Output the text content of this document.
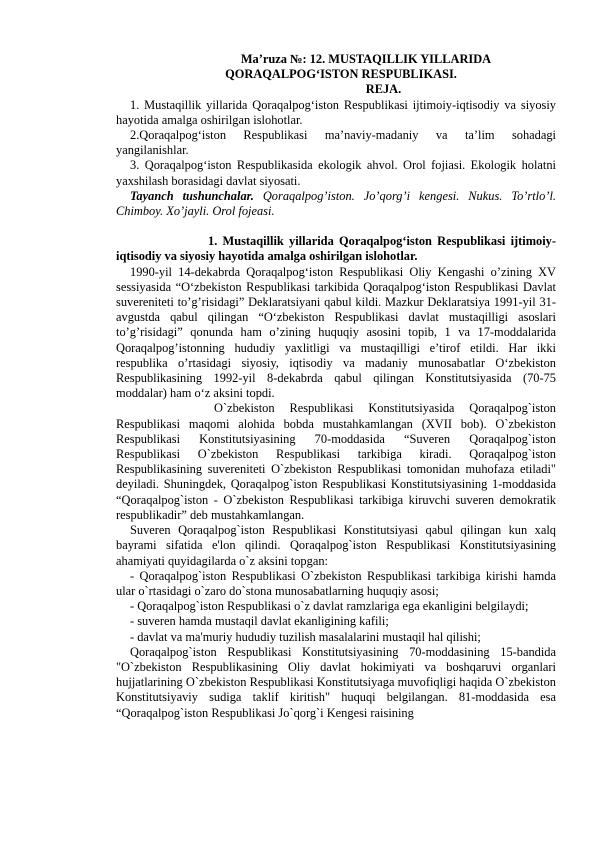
Ma’ruza №: 12. MUSTAQILLIK YILLARIDA
QORAQALPOG‘ISTON RESPUBLIKASI.

REJA.

1. Mustaqillik yillarida Qoraqalpog‘iston Respublikasi ijtimoiy-iqtisodiy va siyosiy hayotida amalga oshirilgan islohotlar.

2.Qoraqalpog‘iston Respublikasi ma’naviy-madaniy va ta’lim sohadagi yangilanishlar.

3. Qoraqalpog‘iston Respublikasida ekologik ahvol. Orol fojiasi. Ekologik holatni yaxshilash borasidagi davlat siyosati.

Tayanch tushunchalar. Qoraqalpog’iston. Jo’qorg’i kengesi. Nukus. To’rtlo’l. Chimboy. Xo’jayli. Orol fojeasi.

1. Mustaqillik yillarida Qoraqalpog‘iston Respublikasi ijtimoiy-iqtisodiy va siyosiy hayotida amalga oshirilgan islohotlar.

1990-yil 14-dekabrda Qoraqalpog‘iston Respublikasi Oliy Kengashi o’zining XV sessiyasida “O‘zbekiston Respublikasi tarkibida Qoraqalpog‘iston Respublikasi Davlat suvereniteti to’g’risidagi” Deklaratsiyani qabul kildi. Mazkur Deklaratsiya 1991-yil 31-avgustda qabul qilingan “O‘zbekiston Respublikasi davlat mustaqilligi asoslari to’g’risidagi” qonunda ham o’zining huquqiy asosini topib, 1 va 17-moddalarida Qoraqalpog’istonning hududiy yaxlitligi va mustaqilligi e’tirof etildi. Har ikki respublika o’rtasidagi siyosiy, iqtisodiy va madaniy munosabatlar O‘zbekiston Respublikasining 1992-yil 8-dekabrda qabul qilingan Konstitutsiyasida (70-75 moddalar) ham o‘z aksini topdi.

O`zbekiston Respublikasi Konstitutsiyasida Qoraqalpog`iston Respublikasi maqomi alohida bobda mustahkamlangan (XVII bob). O`zbekiston Respublikasi Konstitutsiyasining 70-moddasida “Suveren Qoraqalpog`iston Respublikasi O`zbekiston Respublikasi tarkibiga kiradi. Qoraqalpog`iston Respublikasining suvereniteti O`zbekiston Respublikasi tomonidan muhofaza etiladi" deyiladi. Shuningdek, Qoraqalpog`iston Respublikasi Konstitutsiyasining 1-moddasida “Qoraqalpog`iston - O`zbekiston Respublikasi tarkibiga kiruvchi suveren demokratik respublikadir” deb mustahkamlangan.

Suveren Qoraqalpog`iston Respublikasi Konstitutsiyasi qabul qilingan kun xalq bayrami sifatida e'lon qilindi. Qoraqalpog`iston Respublikasi Konstitutsiyasining ahamiyati quyidagilarda o`z aksini topgan:

- Qoraqalpog`iston Respublikasi O`zbekiston Respublikasi tarkibiga kirishi hamda ular o`rtasidagi o`zaro do`stona munosabatlarning huquqiy asosi;

- Qoraqalpog`iston Respublikasi o`z davlat ramzlariga ega ekanligini belgilaydi;

- suveren hamda mustaqil davlat ekanligining kafili;

- davlat va ma'muriy hududiy tuzilish masalalarini mustaqil hal qilishi;

Qoraqalpog`iston Respublikasi Konstitutsiyasining 70-moddasining 15-bandida "O`zbekiston Respublikasining Oliy davlat hokimiyati va boshqaruvi organlari hujjatlarining O`zbekiston Respublikasi Konstitutsiyaga muvofiqligi haqida O`zbekiston Konstitutsiyaviy sudiga taklif kiritish" huquqi belgilangan. 81-moddasida esa “Qoraqalpog`iston Respublikasi Jo`qorg`i Kengesi raisining
